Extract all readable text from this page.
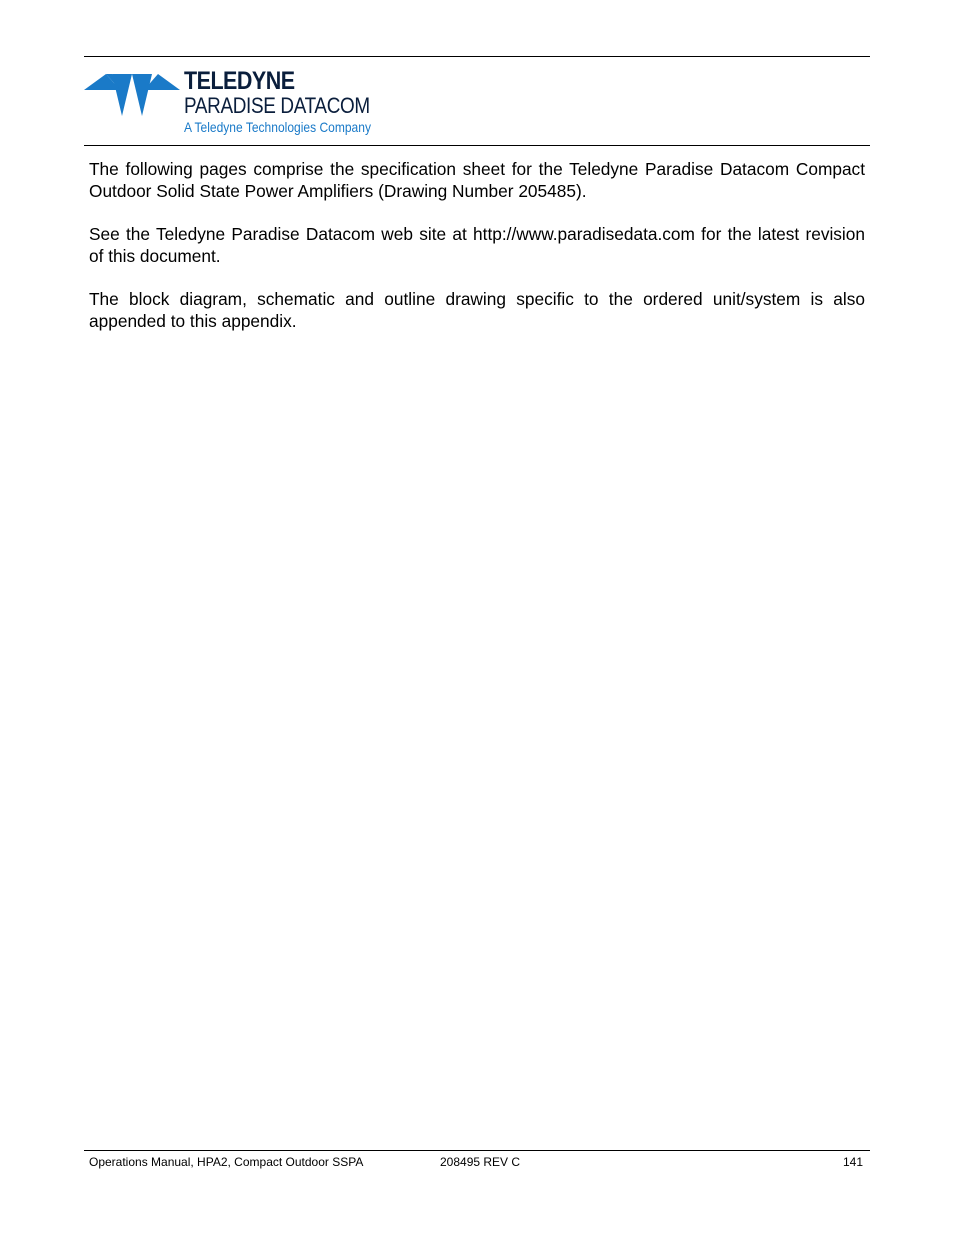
TELEDYNE
PARADISE DATACOM
A Teledyne Technologies Company

The following pages comprise the specification sheet for the Teledyne Paradise Datacom Compact Outdoor Solid State Power Amplifiers (Drawing Number 205485).

See the Teledyne Paradise Datacom web site at http://www.paradisedata.com for the latest revision of this document.

The block diagram, schematic and outline drawing specific to the ordered unit/system is also appended to this appendix.

Operations Manual, HPA2, Compact Outdoor SSPA	208495 REV C	141
